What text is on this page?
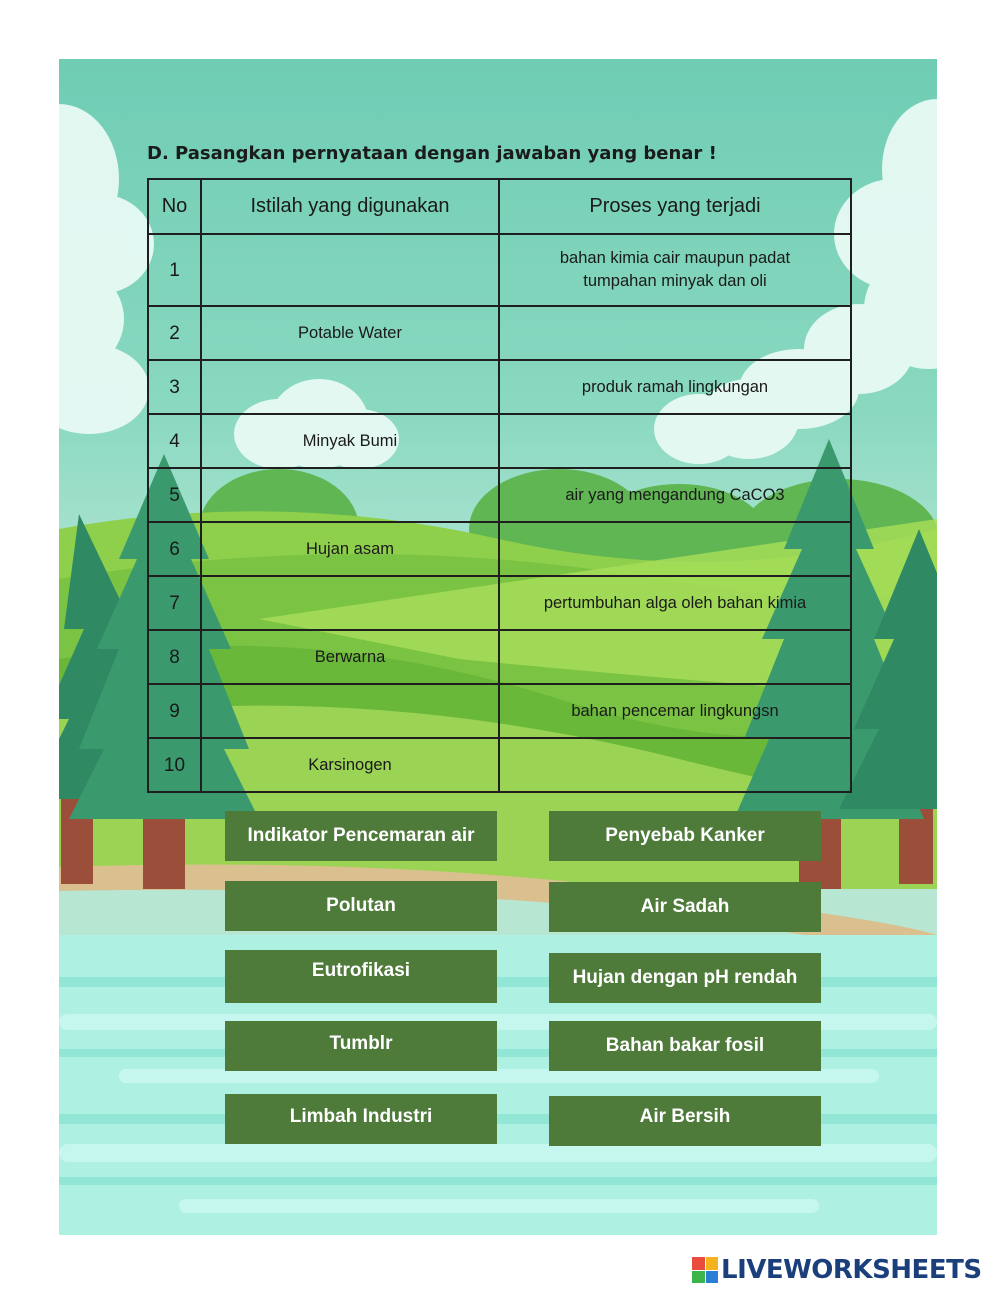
D. Pasangkan pernyataan dengan jawaban yang benar !
No	Istilah yang digunakan	Proses yang terjadi
1		bahan kimia cair maupun padat
tumpahan minyak dan oli
2	Potable Water	
3		produk ramah lingkungan
4	Minyak Bumi	
5		air yang mengandung CaCO3
6	Hujan asam	
7		pertumbuhan alga oleh bahan kimia
8	Berwarna	
9		bahan pencemar lingkungsn
10	Karsinogen	
Indikator Pencemaran air	Penyebab Kanker
Polutan	Air Sadah
Eutrofikasi	Hujan dengan pH rendah
Tumblr	Bahan bakar fosil
Limbah Industri	Air Bersih
LIVEWORKSHEETS
